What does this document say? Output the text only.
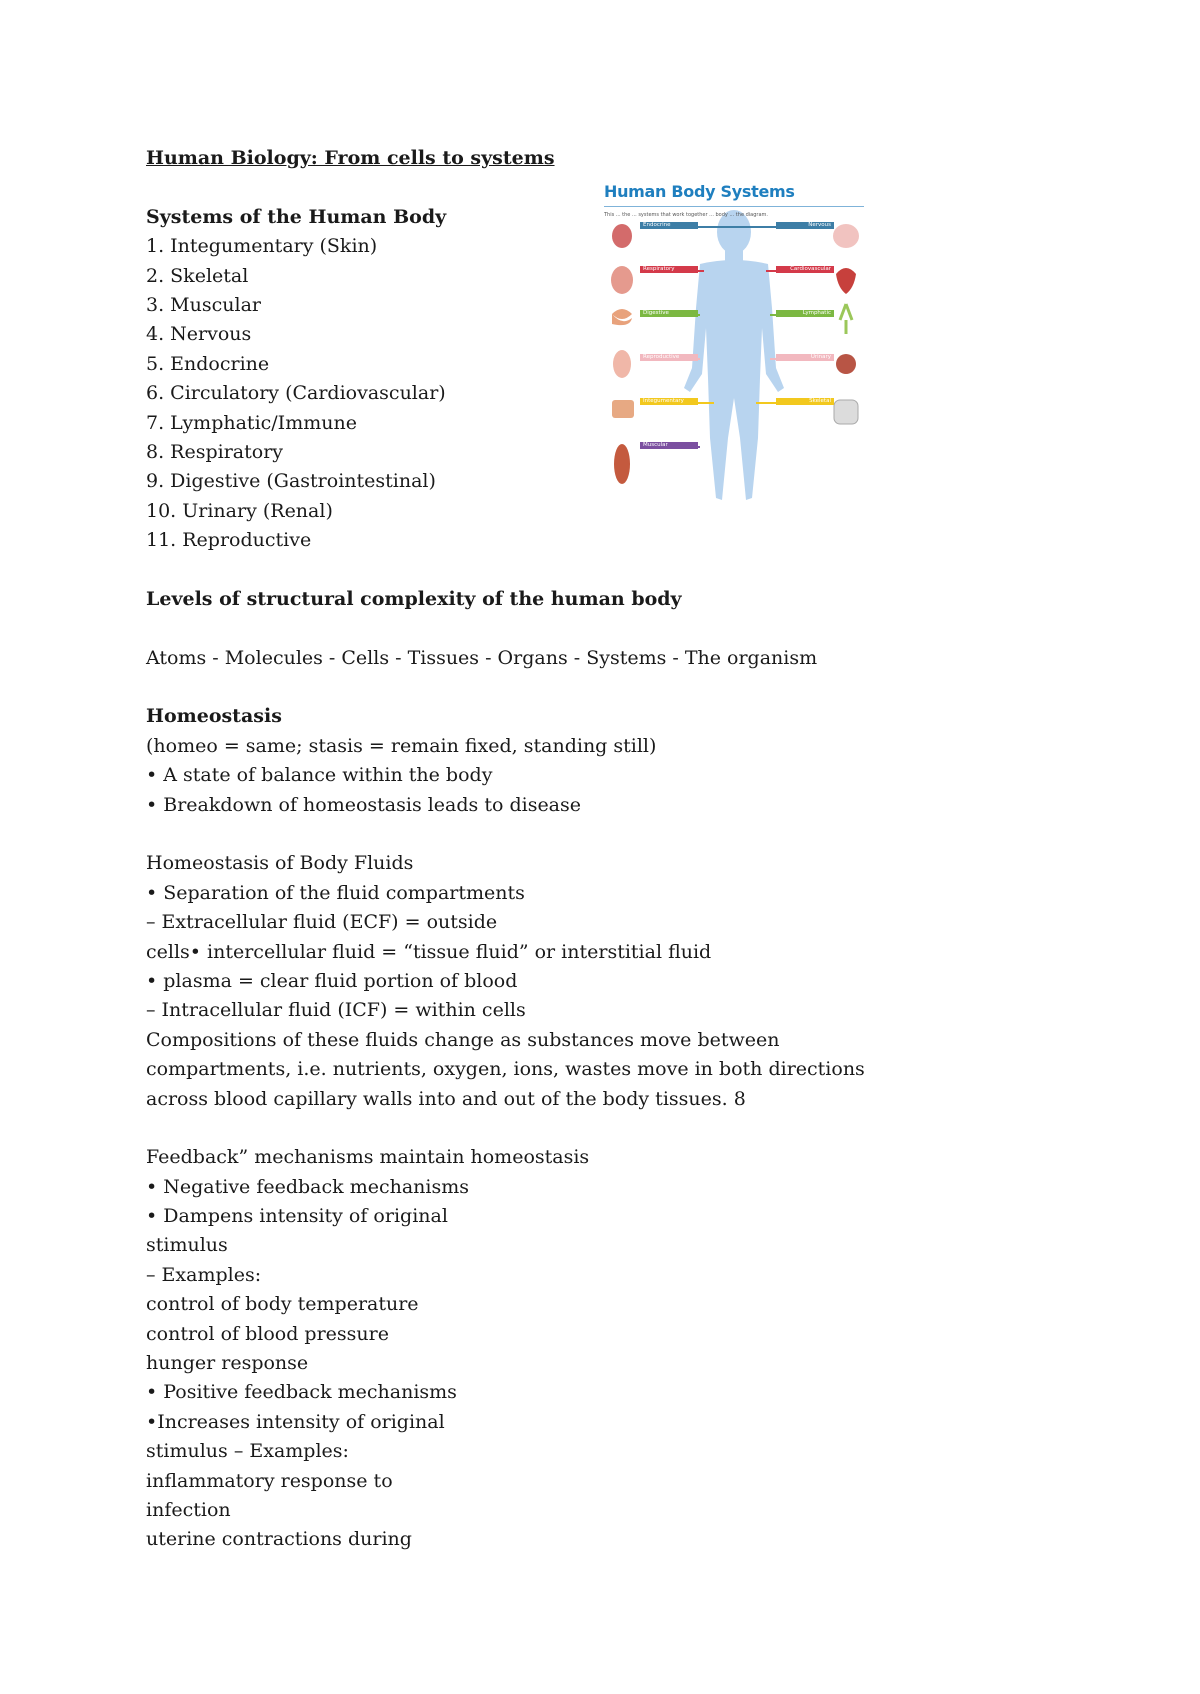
Human Biology: From cells to systems
Systems of the Human Body
1. Integumentary (Skin)
2. Skeletal
3. Muscular
4. Nervous
5. Endocrine
6. Circulatory (Cardiovascular)
7. Lymphatic/Immune
8. Respiratory
9. Digestive (Gastrointestinal)
10. Urinary (Renal)
11. Reproductive
Levels of structural complexity of the human body
Atoms - Molecules - Cells - Tissues - Organs - Systems - The organism
Homeostasis
(homeo = same; stasis = remain fixed, standing still)
• A state of balance within the body
• Breakdown of homeostasis leads to disease
Homeostasis of Body Fluids
• Separation of the fluid compartments
– Extracellular fluid (ECF) = outside
cells• intercellular fluid = “tissue fluid” or interstitial fluid
• plasma = clear fluid portion of blood
– Intracellular fluid (ICF) = within cells
Compositions of these fluids change as substances move between
compartments, i.e. nutrients, oxygen, ions, wastes move in both directions
across blood capillary walls into and out of the body tissues. 8
Feedback” mechanisms maintain homeostasis
• Negative feedback mechanisms
• Dampens intensity of original
stimulus
– Examples:
control of body temperature
control of blood pressure
hunger response
• Positive feedback mechanisms
•Increases intensity of original
stimulus – Examples:
inflammatory response to
infection
uterine contractions during
Human Body Systems
This ... the ... systems that work together ... body ... the diagram.
Endocrine
Respiratory
Digestive
Reproductive
Integumentary
Muscular
Nervous
Cardiovascular
Lymphatic
Urinary
Skeletal
